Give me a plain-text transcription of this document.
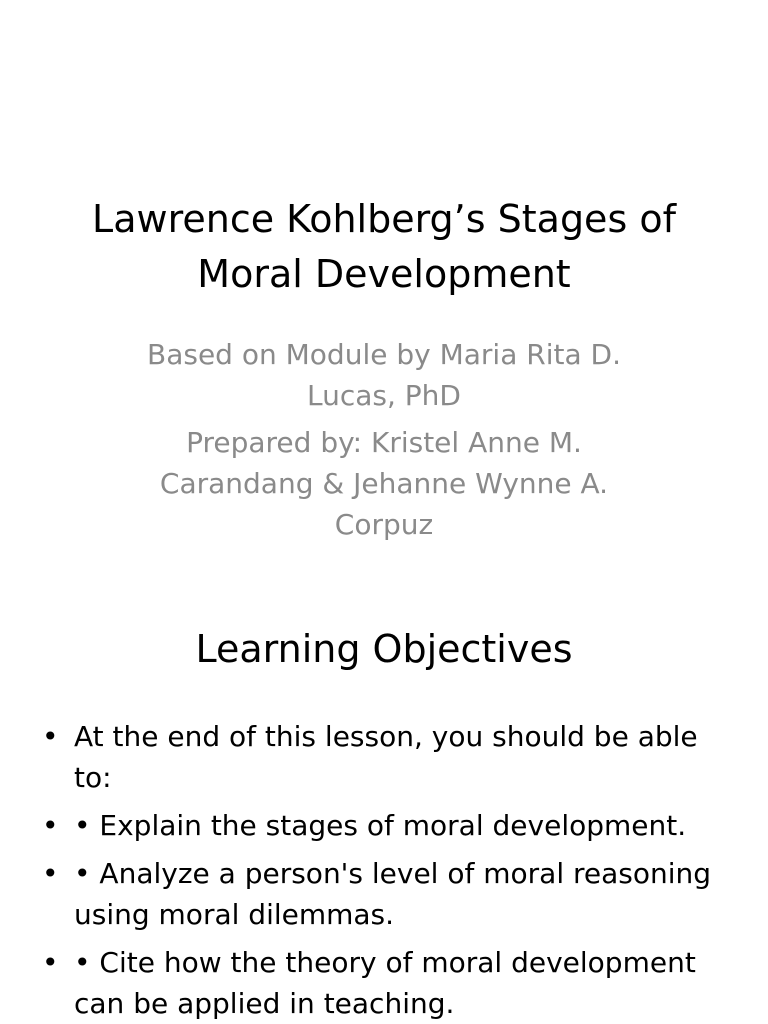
Lawrence Kohlberg’s Stages of
Moral Development

Based on Module by Maria Rita D.
Lucas, PhD

Prepared by: Kristel Anne M.
Carandang & Jehanne Wynne A.
Corpuz

Learning Objectives
• At the end of this lesson, you should be able
to:
• • Explain the stages of moral development.
• • Analyze a person's level of moral reasoning
using moral dilemmas.
• • Cite how the theory of moral development
can be applied in teaching.
